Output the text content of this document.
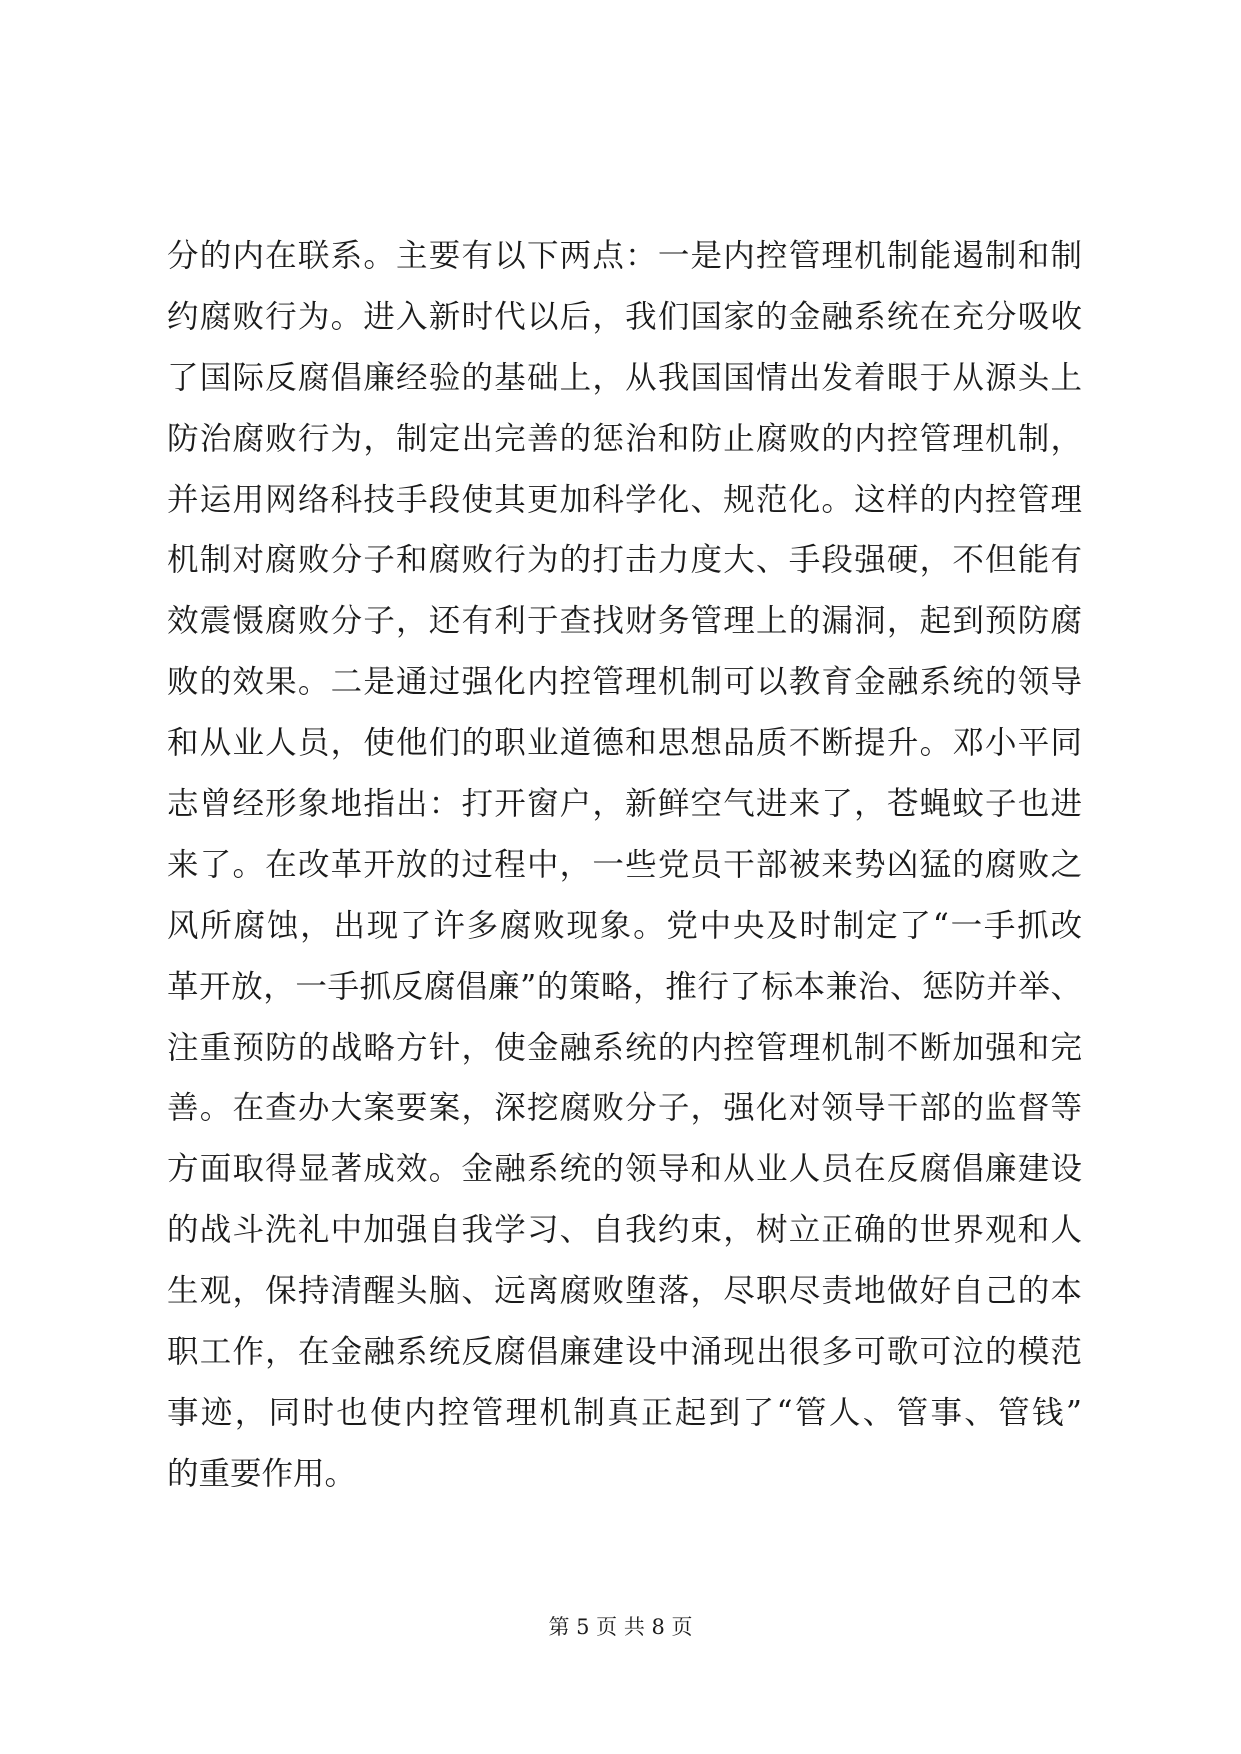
分的内在联系。主要有以下两点：一是内控管理机制能遏制和制
约腐败行为。进入新时代以后，我们国家的金融系统在充分吸收
了国际反腐倡廉经验的基础上，从我国国情出发着眼于从源头上
防治腐败行为，制定出完善的惩治和防止腐败的内控管理机制，
并运用网络科技手段使其更加科学化、规范化。这样的内控管理
机制对腐败分子和腐败行为的打击力度大、手段强硬，不但能有
效震慑腐败分子，还有利于查找财务管理上的漏洞，起到预防腐
败的效果。二是通过强化内控管理机制可以教育金融系统的领导
和从业人员，使他们的职业道德和思想品质不断提升。邓小平同
志曾经形象地指出：打开窗户，新鲜空气进来了，苍蝇蚊子也进
来了。在改革开放的过程中，一些党员干部被来势凶猛的腐败之
风所腐蚀，出现了许多腐败现象。党中央及时制定了“一手抓改
革开放，一手抓反腐倡廉”的策略，推行了标本兼治、惩防并举、
注重预防的战略方针，使金融系统的内控管理机制不断加强和完
善。在查办大案要案，深挖腐败分子，强化对领导干部的监督等
方面取得显著成效。金融系统的领导和从业人员在反腐倡廉建设
的战斗洗礼中加强自我学习、自我约束，树立正确的世界观和人
生观，保持清醒头脑、远离腐败堕落，尽职尽责地做好自己的本
职工作，在金融系统反腐倡廉建设中涌现出很多可歌可泣的模范
事迹，同时也使内控管理机制真正起到了“管人、管事、管钱”
的重要作用。
第 5 页 共 8 页
